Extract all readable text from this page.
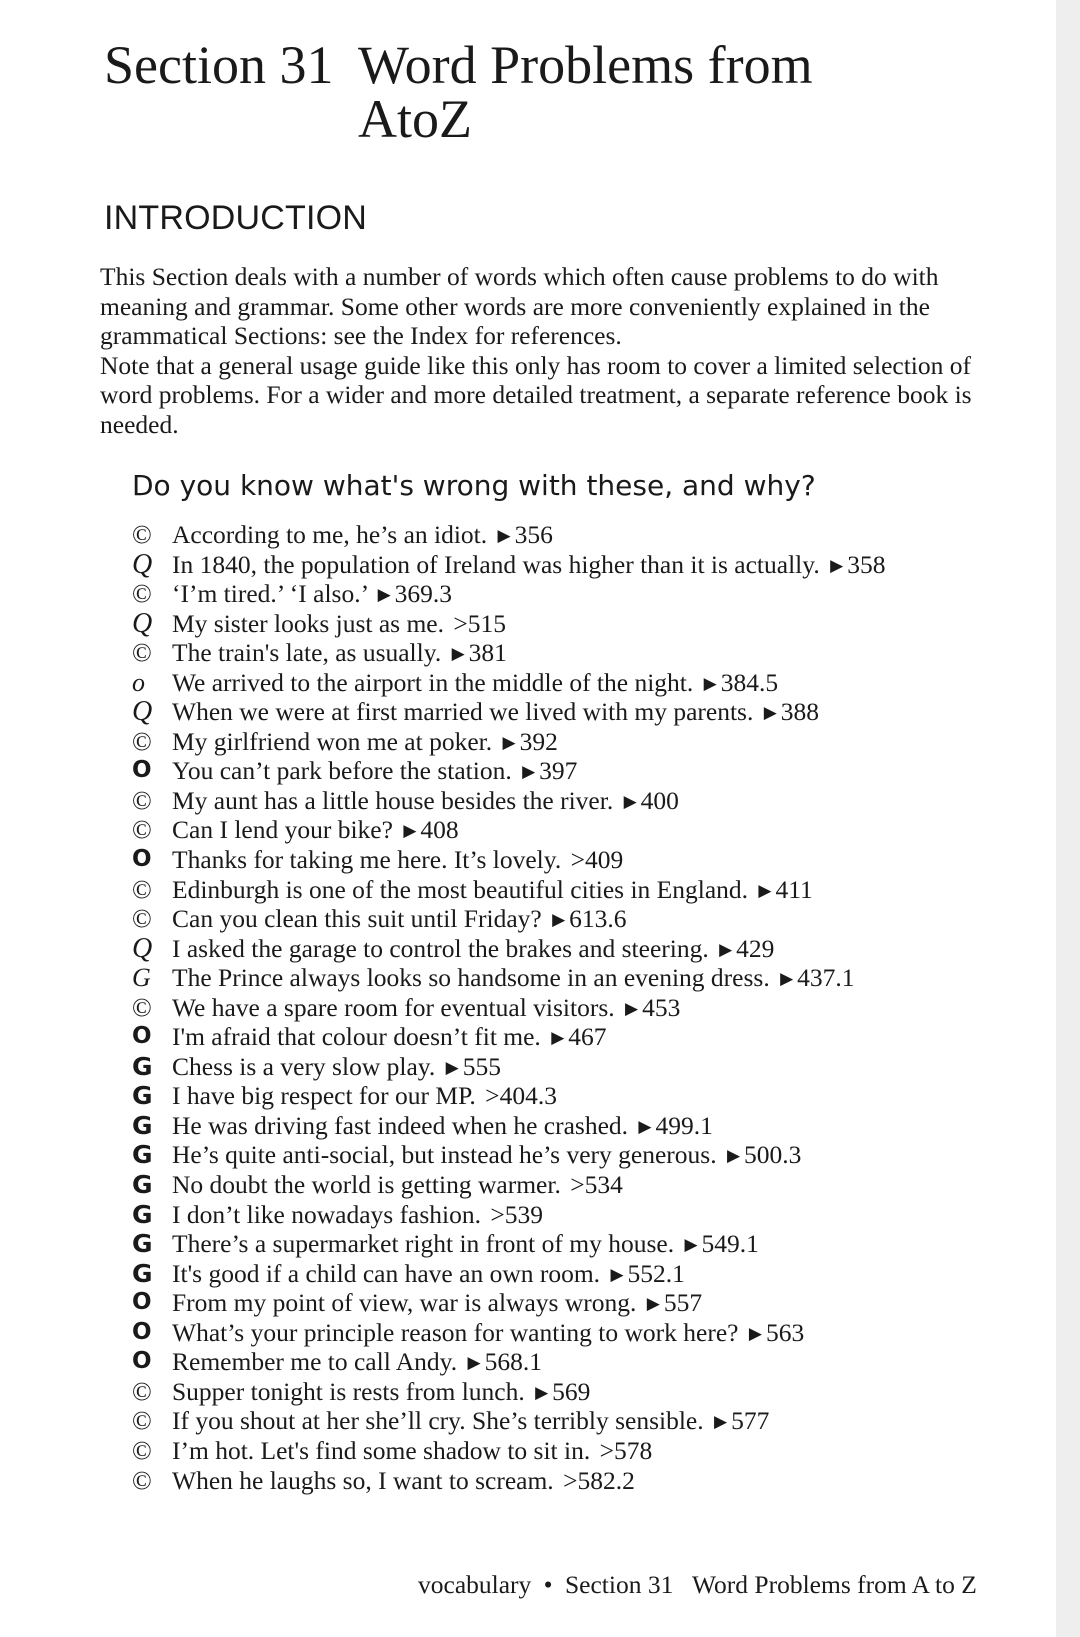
Section 31 Word Problems from
AtoZ
INTRODUCTION

This Section deals with a number of words which often cause problems to do with meaning and grammar. Some other words are more conveniently explained in the grammatical Sections: see the Index for references.

Note that a general usage guide like this only has room to cover a limited selection of word problems. For a wider and more detailed treatment, a separate reference book is needed.

Do you know what's wrong with these, and why?
© According to me, he’s an idiot. ▶ 356
Q In 1840, the population of Ireland was higher than it is actually. ▶ 358
© ‘I’m tired.’ ‘I also.’ ▶ 369.3
Q My sister looks just as me. >515
© The train's late, as usually. ▶ 381
o	We arrived to the airport in the middle of the night. ▶ 384.5
Q When we were at first married we lived with my parents. ▶ 388
© My girlfriend won me at poker. ▶ 392
O You can’t park before the station. ▶ 397
© My aunt has a little house besides the river. ▶ 400
© Can I lend your bike? ▶ 408
O Thanks for taking me here. It’s lovely. >409
© Edinburgh is one of the most beautiful cities in England. ▶ 411
© Can you clean this suit until Friday? ▶ 613.6
Q I asked the garage to control the brakes and steering. ▶ 429
G The Prince always looks so handsome in an evening dress. ▶ 437.1
© We have a spare room for eventual visitors. ▶ 453
O I'm afraid that colour doesn’t fit me. ▶ 467
G Chess is a very slow play. ▶ 555
G I have big respect for our MP. >404.3
G He was driving fast indeed when he crashed. ▶ 499.1
G He’s quite anti-social, but instead he’s very generous. ▶ 500.3
G No doubt the world is getting warmer. >534
G I don’t like nowadays fashion. >539
G There’s a supermarket right in front of my house. ▶ 549.1
G It's good if a child can have an own room. ▶ 552.1
O From my point of view, war is always wrong. ▶ 557
O What’s your principle reason for wanting to work here? ▶ 563
O Remember me to call Andy. ▶ 568.1
© Supper tonight is rests from lunch. ▶ 569
© If you shout at her she’ll cry. She’s terribly sensible. ▶ 577
© I’m hot. Let's find some shadow to sit in. >578
© When he laughs so, I want to scream. >582.2
vocabulary • Section 31 Word Problems from A to Z
